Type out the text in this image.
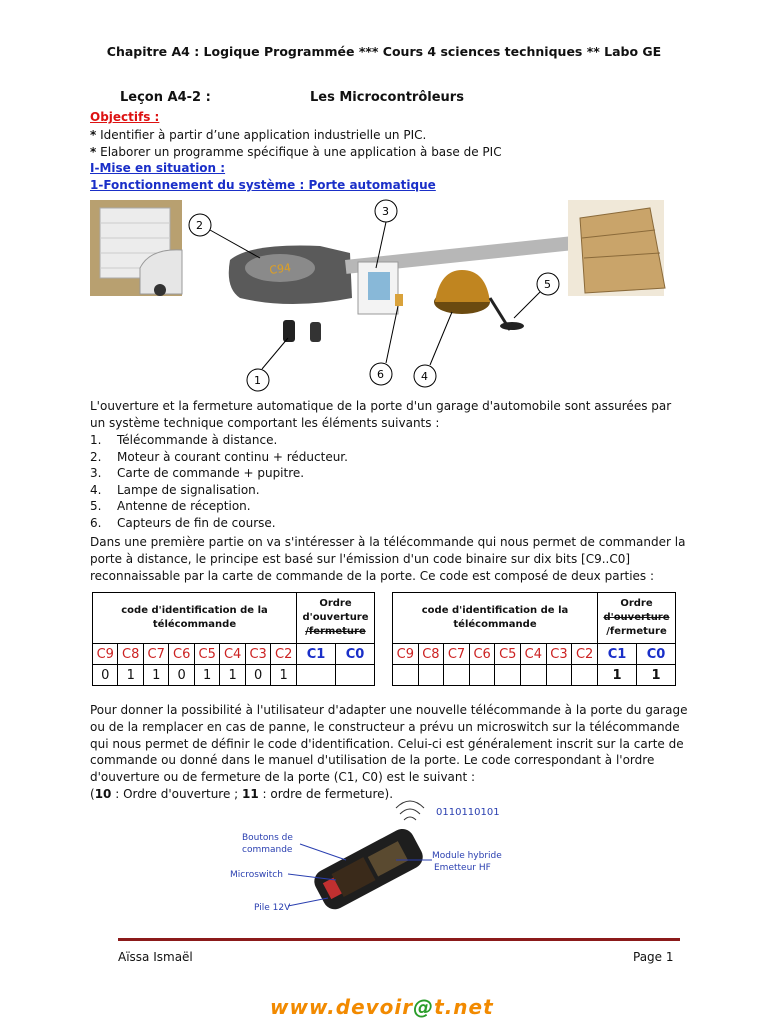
Chapitre A4 : Logique Programmée *** Cours 4 sciences techniques ** Labo GE
Leçon A4-2 :	Les Microcontrôleurs
Objectifs :
* Identifier à partir d’une application industrielle un PIC.
* Elaborer un programme spécifique à une application à base de PIC
I-Mise en situation :
1-Fonctionnement du système : Porte automatique
C94
2
3
5
1	6	4
L'ouverture et la fermeture automatique de la porte d'un garage d'automobile sont assurées par un système technique comportant les éléments suivants :
1. Télécommande à distance.
2. Moteur à courant continu + réducteur.
3. Carte de commande + pupitre.
4. Lampe de signalisation.
5. Antenne de réception.
6. Capteurs de fin de course.
Dans une première partie on va s'intéresser à la télécommande qui nous permet de commander la porte à distance, le principe est basé sur l'émission d'un code binaire sur dix bits [C9..C0] reconnaissable par la carte de commande de la porte. Ce code est composé de deux parties :
code d'identification de la télécommande								Ordre
d'ouverture
/fermeture	
C9	C8	C7	C6	C5	C4	C3	C2	C1	C0
0	1	1	0	1	1	0	1		
code d'identification de la télécommande								Ordre
d'ouverture
/fermeture	
C9	C8	C7	C6	C5	C4	C3	C2	C1	C0
								1	1
Pour donner la possibilité à l'utilisateur d'adapter une nouvelle télécommande à la porte du garage ou de la remplacer en cas de panne, le constructeur a prévu un microswitch sur la télécommande qui nous permet de définir le code d'identification. Celui-ci est généralement inscrit sur la carte de commande ou donné dans le manuel d'utilisation de la porte. Le code correspondant à l'ordre d'ouverture ou de fermeture de la porte (C1, C0) est le suivant :
(10 : Ordre d'ouverture ; 11 : ordre de fermeture).
0110110101
Boutons de
commande
Microswitch
Pile 12V
Module hybride
Emetteur HF
Aïssa Ismaël	Page 1
www.devoir@t.net
